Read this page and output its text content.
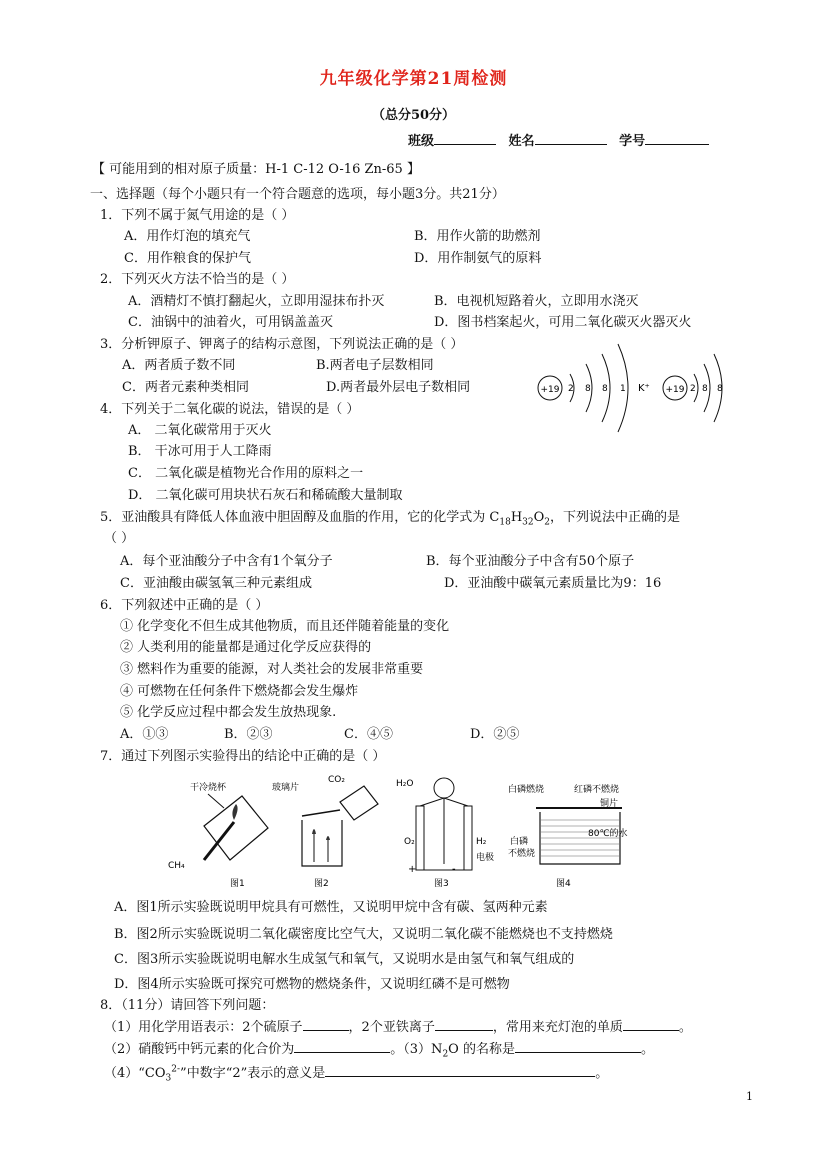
九年级化学第21周检测
（总分50分）
班级	姓名	学号
【 可能用到的相对原子质量：H-1 C-12 O-16 Zn-65 】
一、选择题（每个小题只有一个符合题意的选项，每小题3分。共21分）
1．下列不属于氮气用途的是（ ）
A．用作灯泡的填充气	B．用作火箭的助燃剂
C．用作粮食的保护气	D．用作制氨气的原料
2．下列灭火方法不恰当的是（ ）
A．酒精灯不慎打翻起火，立即用湿抹布扑灭	B．电视机短路着火，立即用水浇灭
C．油锅中的油着火，可用锅盖盖灭	D．图书档案起火，可用二氧化碳灭火器灭火
3．分析钾原子、钾离子的结构示意图，下列说法正确的是（ ）
A．两者质子数不同	B.两者电子层数相同
C．两者元素种类相同	D.两者最外层电子数相同	+19 2 8 8 1 K⁺ +19 2 8 8
4．下列关于二氧化碳的说法，错误的是（ ）
A． 二氧化碳常用于灭火
B． 干冰可用于人工降雨
C． 二氧化碳是植物光合作用的原料之一
D． 二氧化碳可用块状石灰石和稀硫酸大量制取
5．亚油酸具有降低人体血液中胆固醇及血脂的作用，它的化学式为 $C_{18}H_{32}O_2$，下列说法中正确的是
（ ）
A．每个亚油酸分子中含有1个氧分子	B．每个亚油酸分子中含有50个原子
C．亚油酸由碳氢氧三种元素组成	D．亚油酸中碳氧元素质量比为9：16
6．下列叙述中正确的是（ ）
① 化学变化不但生成其他物质，而且还伴随着能量的变化
② 人类利用的能量都是通过化学反应获得的
③ 燃料作为重要的能源，对人类社会的发展非常重要
④ 可燃物在任何条件下燃烧都会发生爆炸
⑤ 化学反应过程中都会发生放热现象.
A．①③	B．②③	C．④⑤	D．②⑤
7．通过下列图示实验得出的结论中正确的是（ ）
干冷烧杯
CH₄
图1
玻璃片
CO₂
图2
H₂O
O₂	H₂
电极
+	-
图3
白磷燃烧	红磷不燃烧
铜片
80℃的水
白磷
不燃烧
图4
A．图1所示实验既说明甲烷具有可燃性，又说明甲烷中含有碳、氢两种元素
B．图2所示实验既说明二氧化碳密度比空气大，又说明二氧化碳不能燃烧也不支持燃烧
C．图3所示实验既说明电解水生成氢气和氧气，又说明水是由氢气和氧气组成的
D．图4所示实验既可探究可燃物的燃烧条件，又说明红磷不是可燃物
8．（11分）请回答下列问题：
（1）用化学用语表示：2个硫原子	，2个亚铁离子	，常用来充灯泡的单质	。
（2）硝酸钙中钙元素的化合价为	。$(3)N_2O$ 的名称是	。
$(4)“CO_3^{2-}$”中数字“2”表示的意义是	。
1
